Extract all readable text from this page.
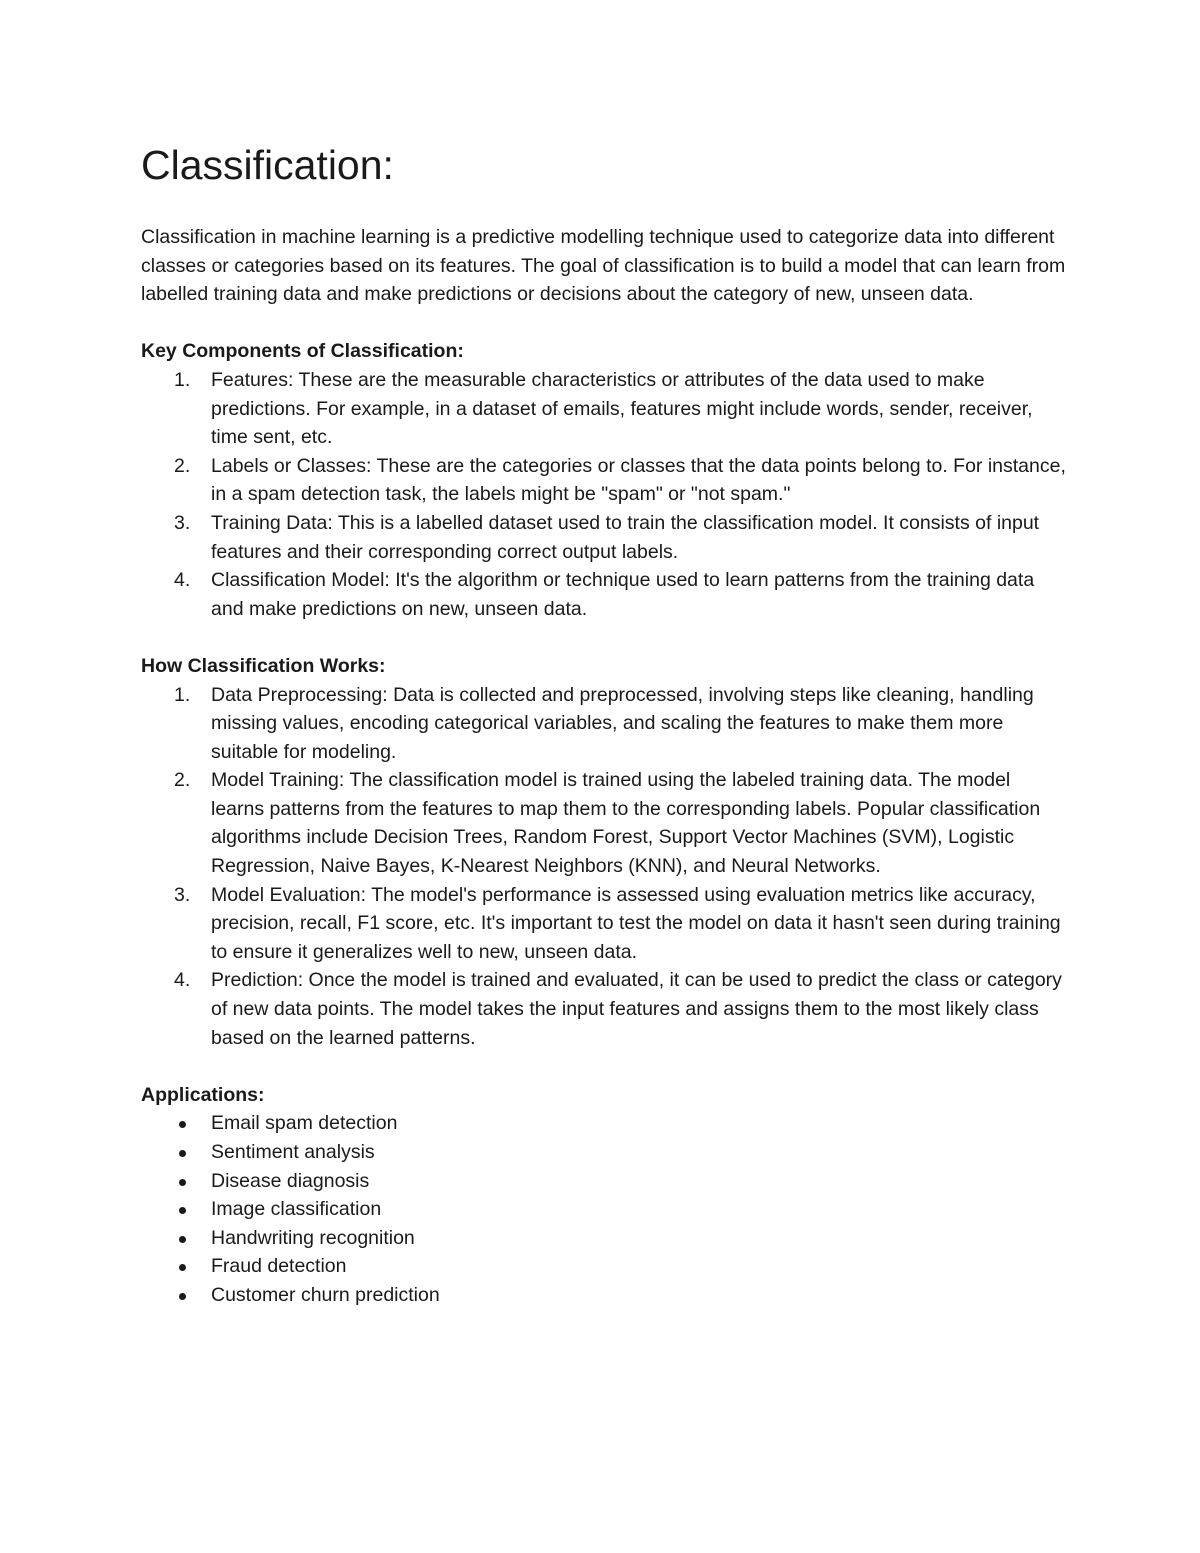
Classification:

Classification in machine learning is a predictive modelling technique used to categorize data into different classes or categories based on its features. The goal of classification is to build a model that can learn from labelled training data and make predictions or decisions about the category of new, unseen data.

Key Components of Classification:
1. Features: These are the measurable characteristics or attributes of the data used to make predictions. For example, in a dataset of emails, features might include words, sender, receiver, time sent, etc.
2. Labels or Classes: These are the categories or classes that the data points belong to. For instance, in a spam detection task, the labels might be "spam" or "not spam."
3. Training Data: This is a labelled dataset used to train the classification model. It consists of input features and their corresponding correct output labels.
4. Classification Model: It's the algorithm or technique used to learn patterns from the training data and make predictions on new, unseen data.
How Classification Works:
1. Data Preprocessing: Data is collected and preprocessed, involving steps like cleaning, handling missing values, encoding categorical variables, and scaling the features to make them more suitable for modeling.
2. Model Training: The classification model is trained using the labeled training data. The model learns patterns from the features to map them to the corresponding labels. Popular classification algorithms include Decision Trees, Random Forest, Support Vector Machines (SVM), Logistic Regression, Naive Bayes, K-Nearest Neighbors (KNN), and Neural Networks.
3. Model Evaluation: The model's performance is assessed using evaluation metrics like accuracy, precision, recall, F1 score, etc. It's important to test the model on data it hasn't seen during training to ensure it generalizes well to new, unseen data.
4. Prediction: Once the model is trained and evaluated, it can be used to predict the class or category of new data points. The model takes the input features and assigns them to the most likely class based on the learned patterns.
Applications:
Email spam detection
Sentiment analysis
Disease diagnosis
Image classification
Handwriting recognition
Fraud detection
Customer churn prediction
